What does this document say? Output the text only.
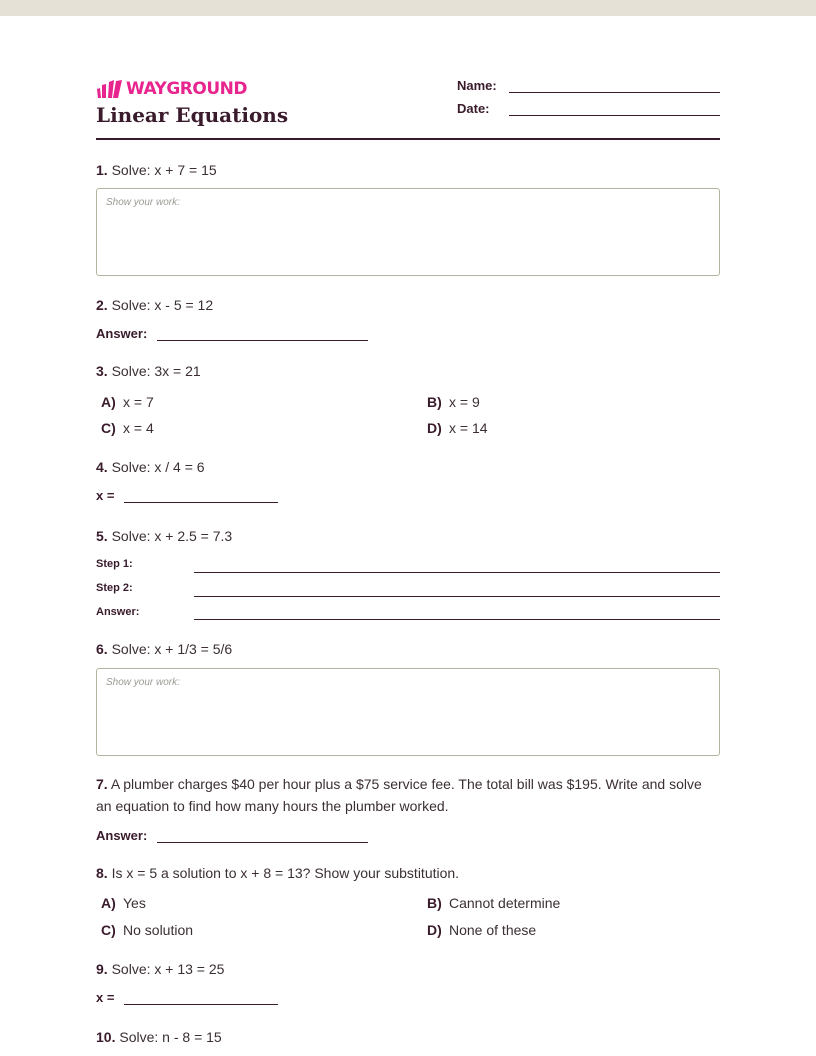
WAYGROUND
Linear Equations
Name:
Date:
1. Solve: x + 7 = 15
Show your work:
2. Solve: x - 5 = 12
Answer:
3. Solve: 3x = 21
A) x = 7	B) x = 9
C) x = 4	D) x = 14
4. Solve: x / 4 = 6
x =
5. Solve: x + 2.5 = 7.3
Step 1:
Step 2:
Answer:
6. Solve: x + 1/3 = 5/6
Show your work:
7. A plumber charges $40 per hour plus a $75 service fee. The total bill was $195. Write and solve an equation to find how many hours the plumber worked.
Answer:
8. Is x = 5 a solution to x + 8 = 13? Show your substitution.
A) Yes	B) Cannot determine
C) No solution	D) None of these
9. Solve: x + 13 = 25
x =
10. Solve: n - 8 = 15
